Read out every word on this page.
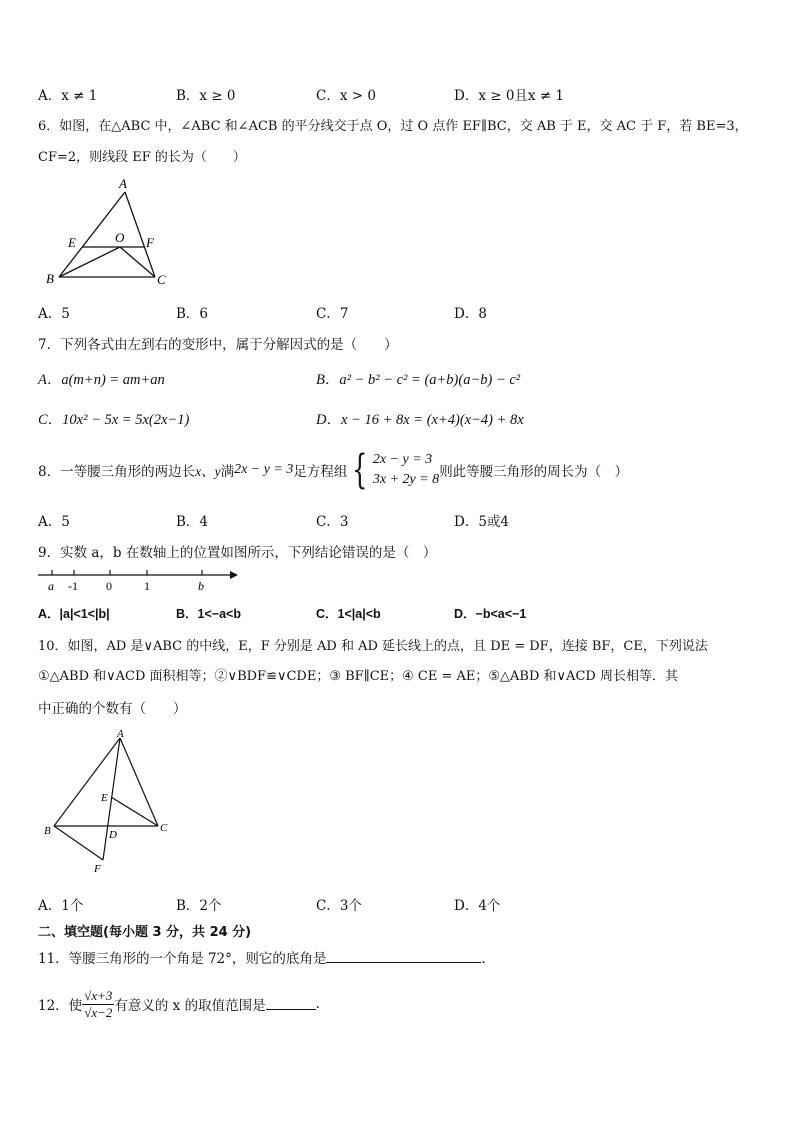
A．x ≠ 1	B．x ≥ 0	C．x > 0	D．x ≥ 0且x ≠ 1
6．如图，在△ABC 中，∠ABC 和∠ACB 的平分线交于点 O，过 O 点作 EF∥BC，交 AB 于 E，交 AC 于 F，若 BE=3，
CF=2，则线段 EF 的长为（　　）
A
E	O F
B	C
A．5	B．6	C．7	D．8
7．下列各式由左到右的变形中，属于分解因式的是（　　）
A．a(m+n) = am+an	B．a² − b² − c² = (a+b)(a−b) − c²
C．10x² − 5x = 5x(2x−1)	D．x − 16 + 8x = (x+4)(x−4) + 8x
8．一等腰三角形的两边长 x、y 满 2x − y = 3 足方程组 { 2x − y = 3
3x + 2y = 8 则此等腰三角形的周长为（　）
A．5	B．4	C．3	D．5或4
9．实数 a，b 在数轴上的位置如图所示，下列结论错误的是（　）
a -1 0	1	b
A．|a|<1<|b|	B．1<−a<b	C．1<|a|<b	D．−b<a<−1
10．如图，AD 是∨ABC 的中线，E，F 分别是 AD 和 AD 延长线上的点，且 DE = DF，连接 BF，CE，下列说法
①△ABD 和∨ACD 面积相等；②∨BDF≌∨CDE；③ BF∥CE；④ CE = AE；⑤△ABD 和∨ACD 周长相等．其
中正确的个数有（　　）
A
E
B	D
C
F
A．1个	B．2个	C．3个	D．4个
二、填空题(每小题 3 分，共 24 分)
11．等腰三角形的一个角是 72°，则它的底角是	.
12．使 $\frac{√x+3}{√x-2}$ 有意义的 x 的取值范围是	.
